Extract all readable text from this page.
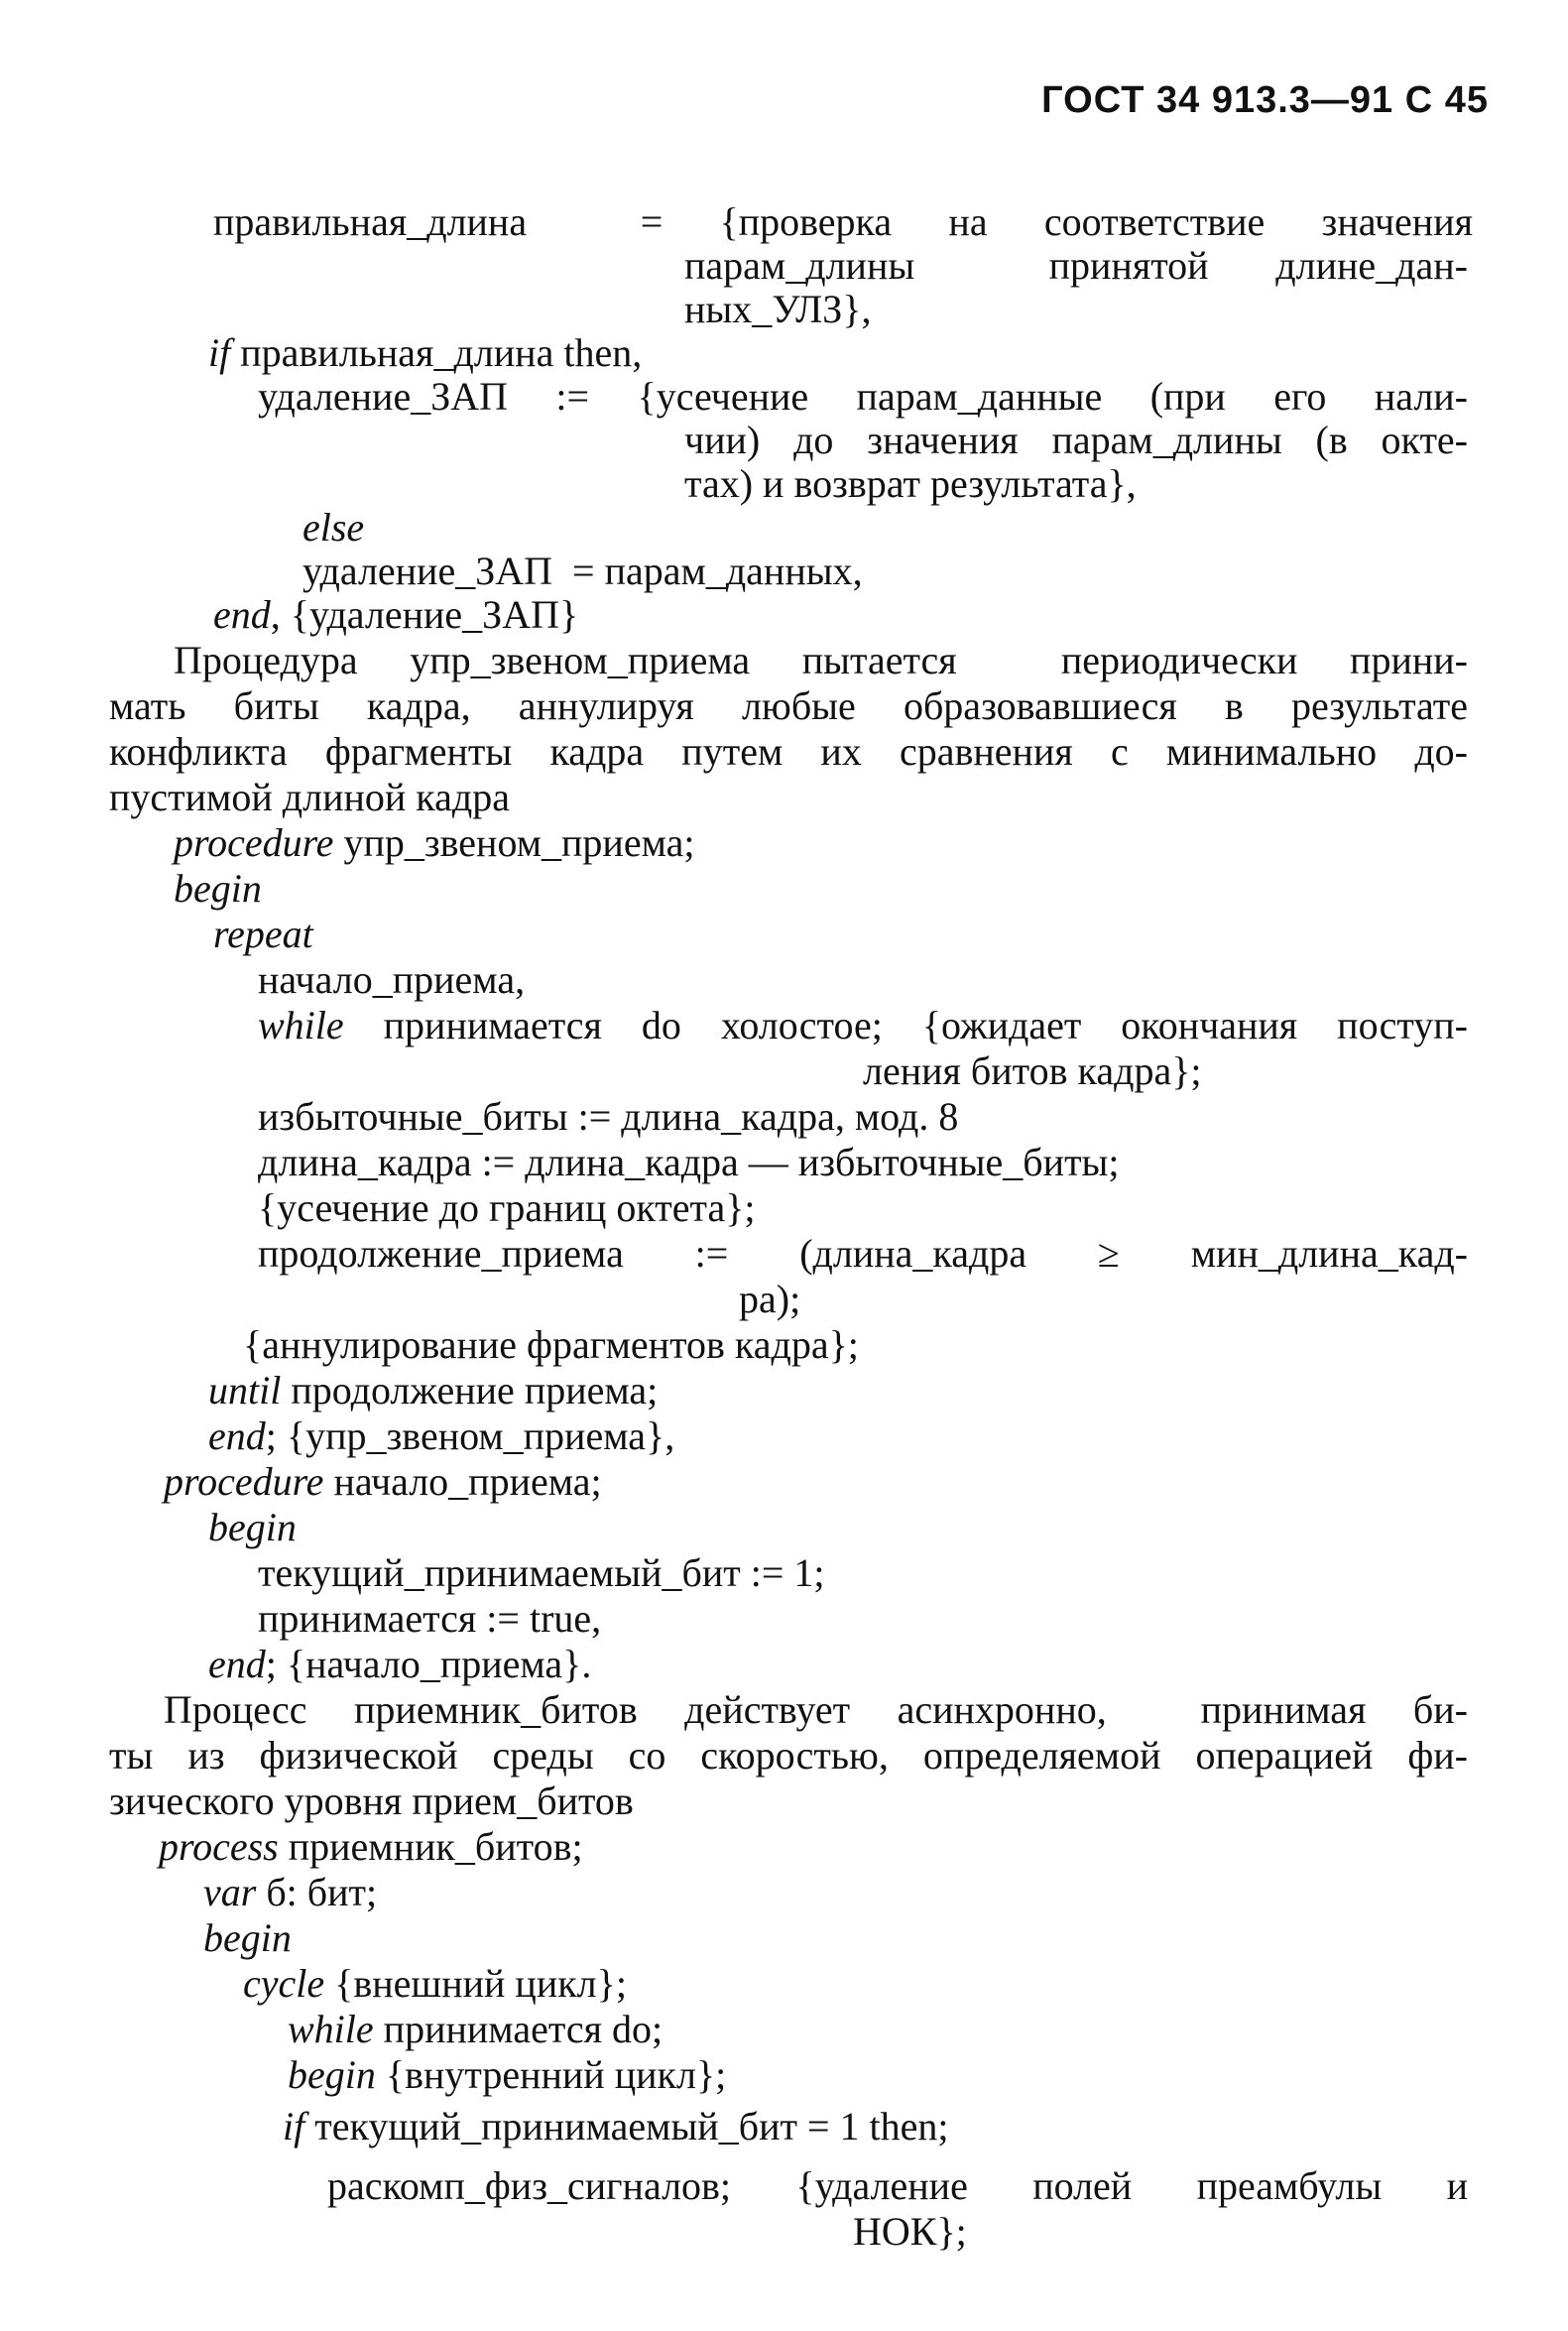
ГОСТ 34 913.3—91 С 45
правильная_длина  = {проверка на соответствие значения
парам_длины  принятой длине_дан-
ных_УЛЗ},
if правильная_длина then,
удаление_ЗАП := {усечение парам_данные (при его нали-
чии) до значения парам_длины (в окте-
тах) и возврат результата},
else
удаление_ЗАП  = парам_данных,
end, {удаление_ЗАП}
Процедура упр_звеном_приема пытается  периодически прини-
мать биты кадра, аннулируя любые образовавшиеся в результате
конфликта фрагменты кадра путем их сравнения с минимально до-
пустимой длиной кадра
procedure упр_звеном_приема;
begin
repeat
начало_приема,
while принимается do холостое; {ожидает окончания поступ-
ления битов кадра};
избыточные_биты := длина_кадра, мод. 8
длина_кадра := длина_кадра — избыточные_биты;
{усечение до границ октета};
продолжение_приема := (длина_кадра ≥ мин_длина_кад-
ра);
{аннулирование фрагментов кадра};
until продолжение приема;
end; {упр_звеном_приема},
procedure начало_приема;
begin
текущий_принимаемый_бит := 1;
принимается := true,
end; {начало_приема}.
Процесс приемник_битов действует асинхронно,  принимая би-
ты из физической среды со скоростью, определяемой операцией фи-
зического уровня прием_битов
process приемник_битов;
var б: бит;
begin
cycle {внешний цикл};
while принимается do;
begin {внутренний цикл};
if текущий_принимаемый_бит = 1 then;
раскомп_физ_сигналов; {удаление полей преамбулы и
НОК};
